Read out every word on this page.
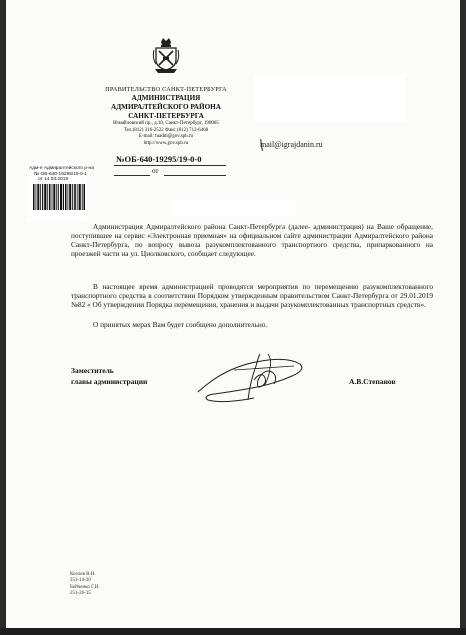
ПРАВИТЕЛЬСТВО САНКТ-ПЕТЕРБУРГА
АДМИНИСТРАЦИЯ
АДМИРАЛТЕЙСКОГО РАЙОНА
САНКТ-ПЕТЕРБУРГА
Измайловский пр., д.10, Санкт-Петербург, 190005
Тел.(812) 316-2522 Факс (812) 712-6468
E-mail: tuadm@gov.spb.ru
http://www.gov.spb.ru	mail@igrajdanin.ru
№ОБ-640-19295/19-0-0
от
Адм-я Адмиралтейского р-на
№ ОБ-640-19295/19-0-1
от 14.03.2019

Администрация Адмиралтейского района Санкт-Петербурга (далее- администрация) на Ваше обращение, поступившее на сервис «Электронная приемная» на официальном сайте администрации Адмиралтейского района Санкт-Петербурга, по вопросу вывоза разукомплектованного транспортного средства, припаркованного на проезжей части на ул. Циолковского, сообщает следующее.

В настоящее время администрацией проводятся мероприятия по перемещению разукомплектованного транспортного средства в соответствии Порядком утвержденным правительством Санкт-Петербурга от 29.01.2019 №82 « Об утверждении Порядка перемещения, хранения и выдачи разукомплектованных транспортных средств».

О принятых мерах Вам будет сообщено дополнительно.

Заместитель
главы администрации	А.В.Степанов
Козлов В.Н.
251-14-30
Бейченко Г.И.
251-26-35
